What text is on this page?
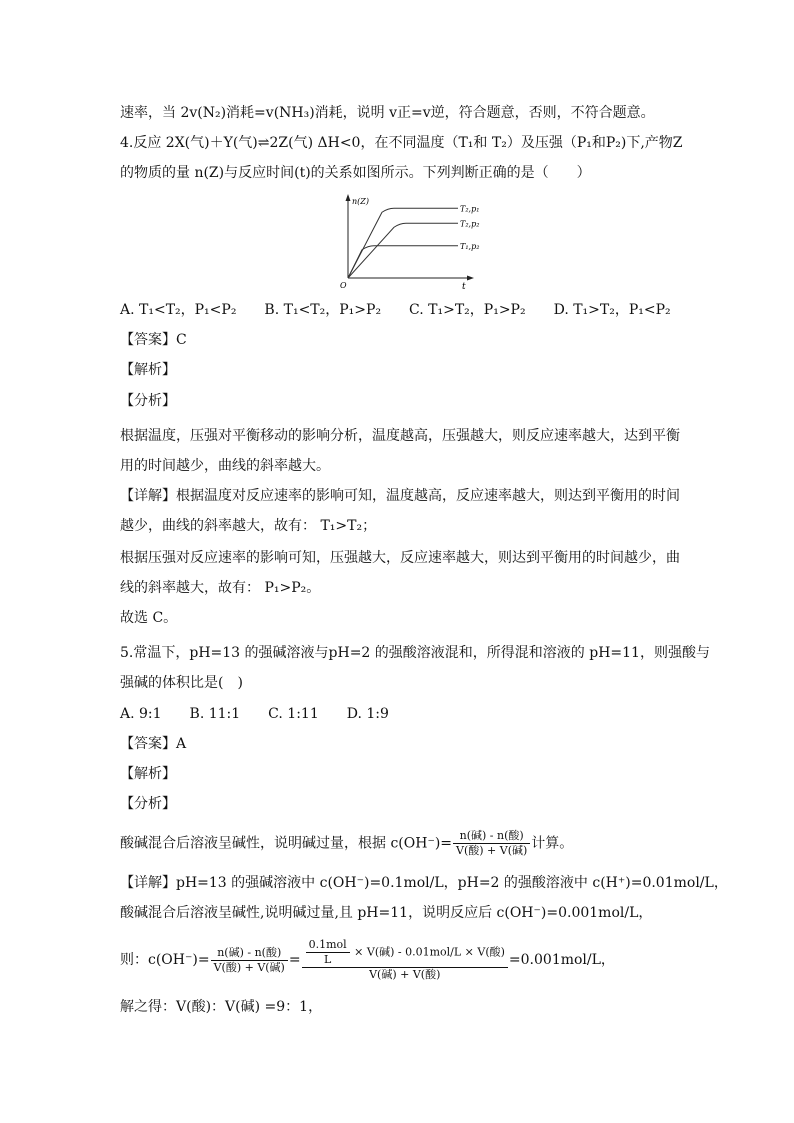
速率，当 2v(N₂)消耗=v(NH₃)消耗，说明 v正=v逆，符合题意，否则，不符合题意。
4.反应 2X(气)＋Y(气)⇌2Z(气) ΔH<0，在不同温度（T₁和 T₂）及压强（P₁和P₂)下,产物Z
的物质的量 n(Z)与反应时间(t)的关系如图所示。下列判断正确的是（　　）
n(Z)
t
O
T₂,p₁
T₂,p₂
T₁,p₂
A. T₁<T₂，P₁<P₂　　B. T₁<T₂，P₁>P₂　　C. T₁>T₂，P₁>P₂　　D. T₁>T₂，P₁<P₂
【答案】C
【解析】
【分析】
根据温度，压强对平衡移动的影响分析，温度越高，压强越大，则反应速率越大，达到平衡
用的时间越少，曲线的斜率越大。
【详解】根据温度对反应速率的影响可知，温度越高，反应速率越大，则达到平衡用的时间
越少，曲线的斜率越大，故有： T₁>T₂；
根据压强对反应速率的影响可知，压强越大，反应速率越大，则达到平衡用的时间越少，曲
线的斜率越大，故有： P₁>P₂。
故选 C。
5.常温下，pH=13 的强碱溶液与pH=2 的强酸溶液混和，所得混和溶液的 pH=11，则强酸与
强碱的体积比是(　)
A. 9:1　　B. 11:1　　C. 1:11　　D. 1:9
【答案】A
【解析】
【分析】
酸碱混合后溶液呈碱性，说明碱过量，根据 $c(OH^-)= \frac{\text{n(碱) - n(酸)}}{\text{V(酸) + V(碱)}}$ 计算。
【详解】pH=13 的强碱溶液中 c(OH⁻)=0.1mol/L，pH=2 的强酸溶液中 c(H⁺)=0.01mol/L，
酸碱混合后溶液呈碱性,说明碱过量,且 pH=11，说明反应后 c(OH⁻)=0.001mol/L，
则：$c(OH^-)= \frac{\text{n(碱) - n(酸)}}{\text{V(酸) + V(碱)}} = \frac{\frac{\text{0.1mol}}{L} \times V(碱) - 0.01mol/L \times V(酸)}{\text{V(碱) + V(酸)}} =0.001mol/L$，
解之得：V(酸)：V(碱) =9：1，
